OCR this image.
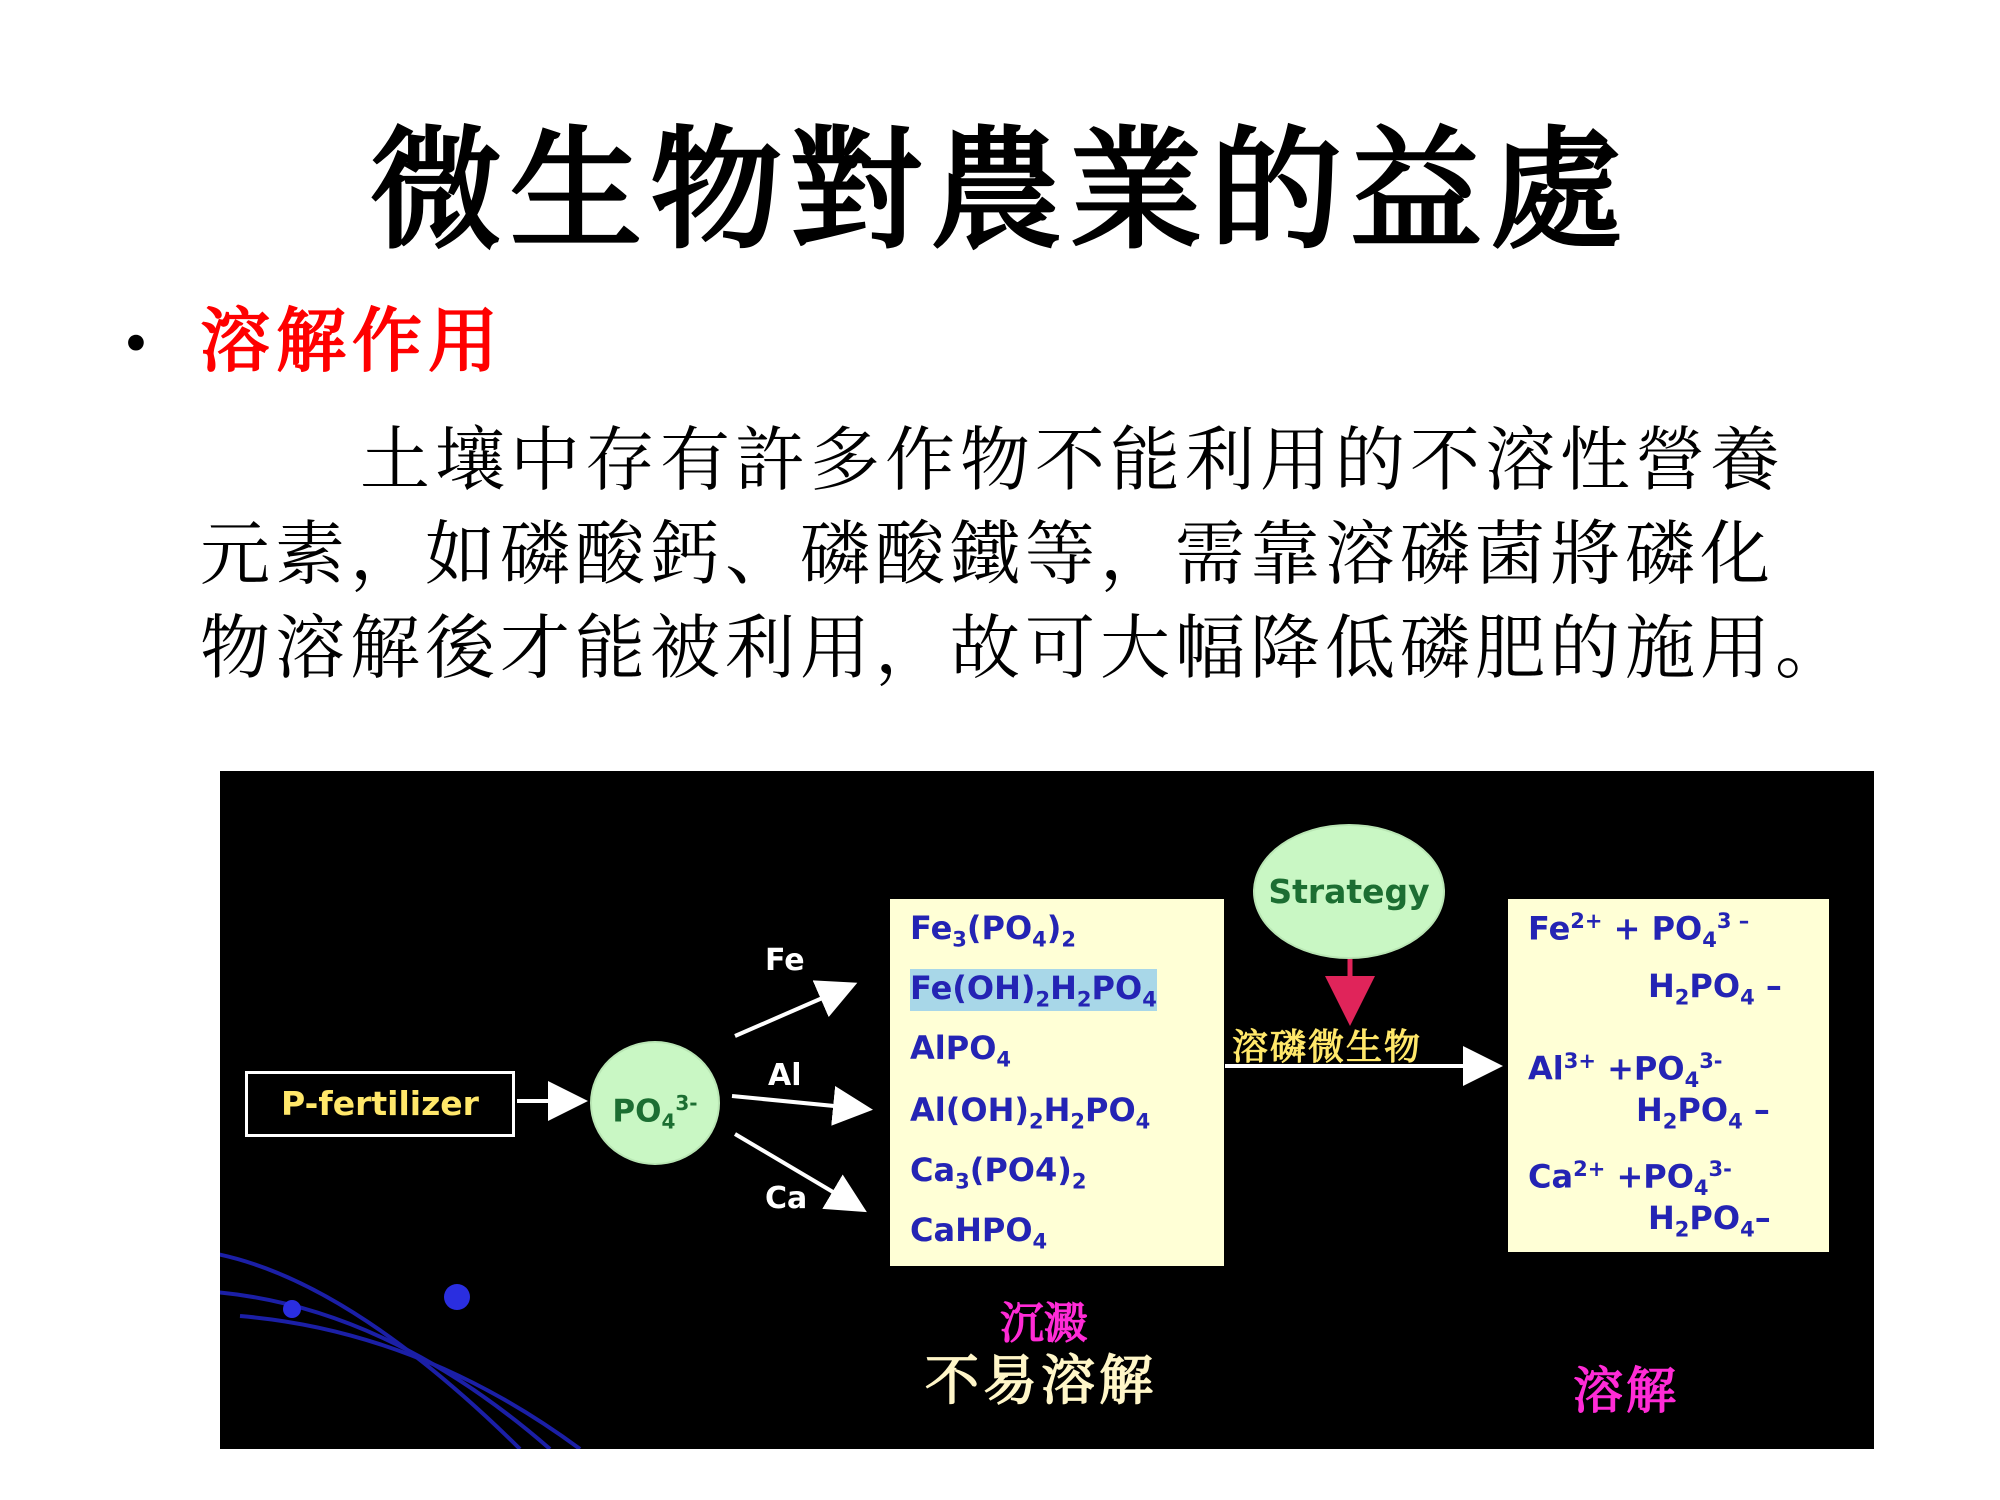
微生物對農業的益處
• 溶解作用
土壤中存有許多作物不能利用的不溶性營養
元素，如磷酸鈣、磷酸鐵等，需靠溶磷菌將磷化
物溶解後才能被利用，故可大幅降低磷肥的施用。
P-fertilizer	$PO_4^{3-}$
Fe
Al
Ca
Strategy
溶磷微生物
$Fe_3(PO_4)_2$
$Fe(OH)_2H_2PO_4$
AlPO$_4$
$Al(OH)_2H_2PO_4$
$Ca_3(PO4)_2$
CaHPO$_4$
$Fe^{2+} + PO_4^{3 -}$
$H_2PO_4$ –
$Al^{3+} +PO_4^{3-}$
$H_2PO_4$ –
$Ca^{2+} +PO_4^{3-}$
$H_2PO_4-$
沉澱
不易溶解	溶解
